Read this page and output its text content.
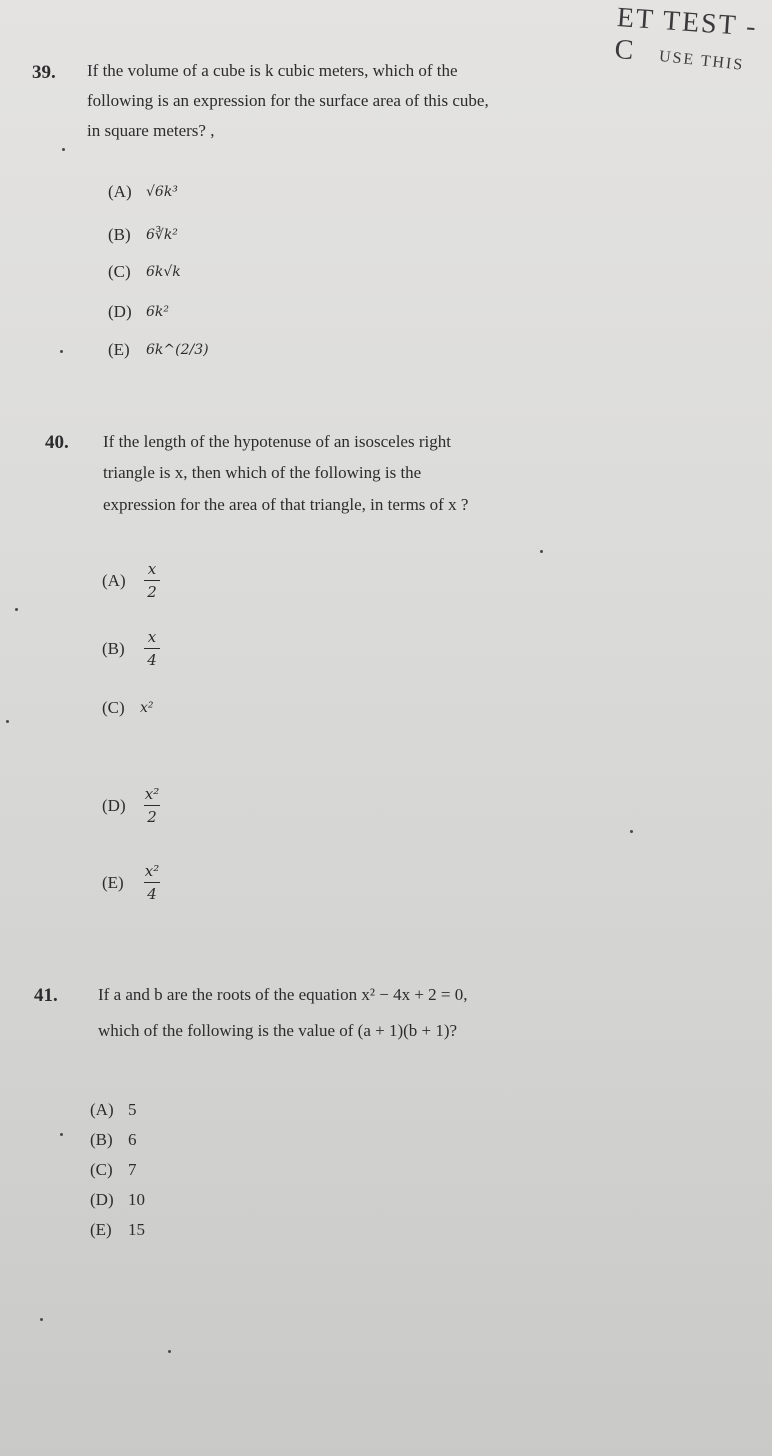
ET TEST - C	USE THIS
39. If the volume of a cube is k cubic meters, which of the
following is an expression for the surface area of this cube,
in square meters? ,
(A)	√6k³
(B)	6∛k²
(C)	6k√k
(D)	6k²
(E)	6k^(2/3)
40. If the length of the hypotenuse of an isosceles right
triangle is x, then which of the following is the
expression for the area of that triangle, in terms of x ?
(A)	$\frac{x}{2}$
(B)	$\frac{x}{4}$
(C)	x²
(D)	$\frac{\text{x²}}{2}$
(E)	$\frac{\text{x²}}{4}$
41. If a and b are the roots of the equation x² − 4x + 2 = 0,
which of the following is the value of (a + 1)(b + 1)?
(A) 5
(B) 6
(C) 7
(D) 10
(E) 15
